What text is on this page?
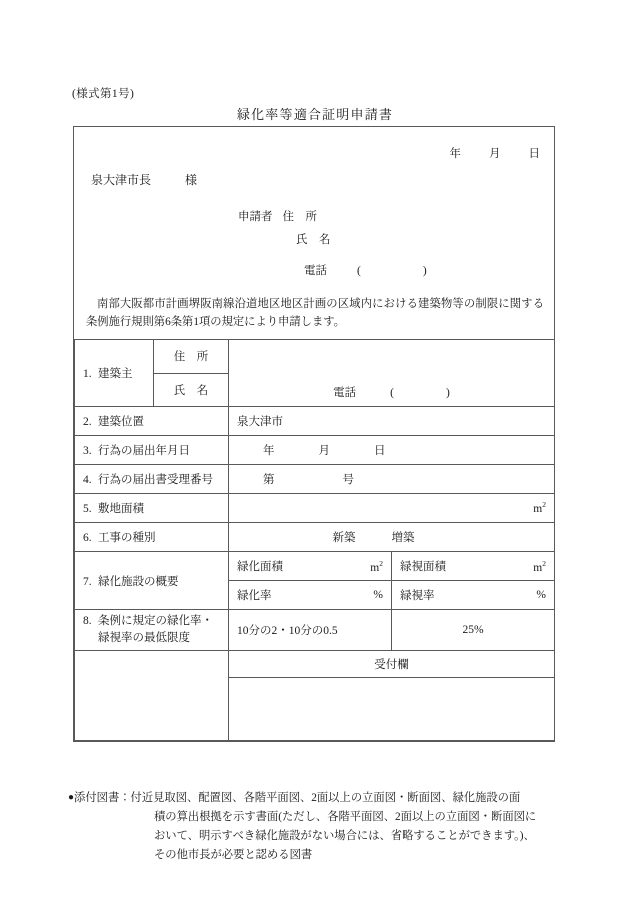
(様式第1号)
緑化率等適合証明申請書
年 月 日
泉大津市長	様
申請者 住　所
氏　名
電話	(	)
南部大阪都市計画堺阪南線沿道地区地区計画の区域内における建築物等の制限に関する条例施行規則第6条第1項の規定により申請します。
1. 建築主	住　所	電話 ( )	

	氏　名		
2. 建築位置		泉大津市	
3. 行為の届出年月日		年 月 日	
4. 行為の届出書受理番号		第 号	
5. 敷地面積		$m^2$
6. 工事の種別		新築 増築	
7. 緑化施設の概要		緑化面積 $m^2$	緑視面積 $m^2$

		緑化率 %	緑視率 %

8. 条例に規定の緑化率・
緑視率の最低限度		10分の2・10分の0.5	25%
		受付欄	

●添付図書：付近見取図、配置図、各階平面図、2面以上の立面図・断面図、緑化施設の面
積の算出根拠を示す書面(ただし、各階平面図、2面以上の立面図・断面図に
おいて、明示すべき緑化施設がない場合には、省略することができます。)、
その他市長が必要と認める図書
